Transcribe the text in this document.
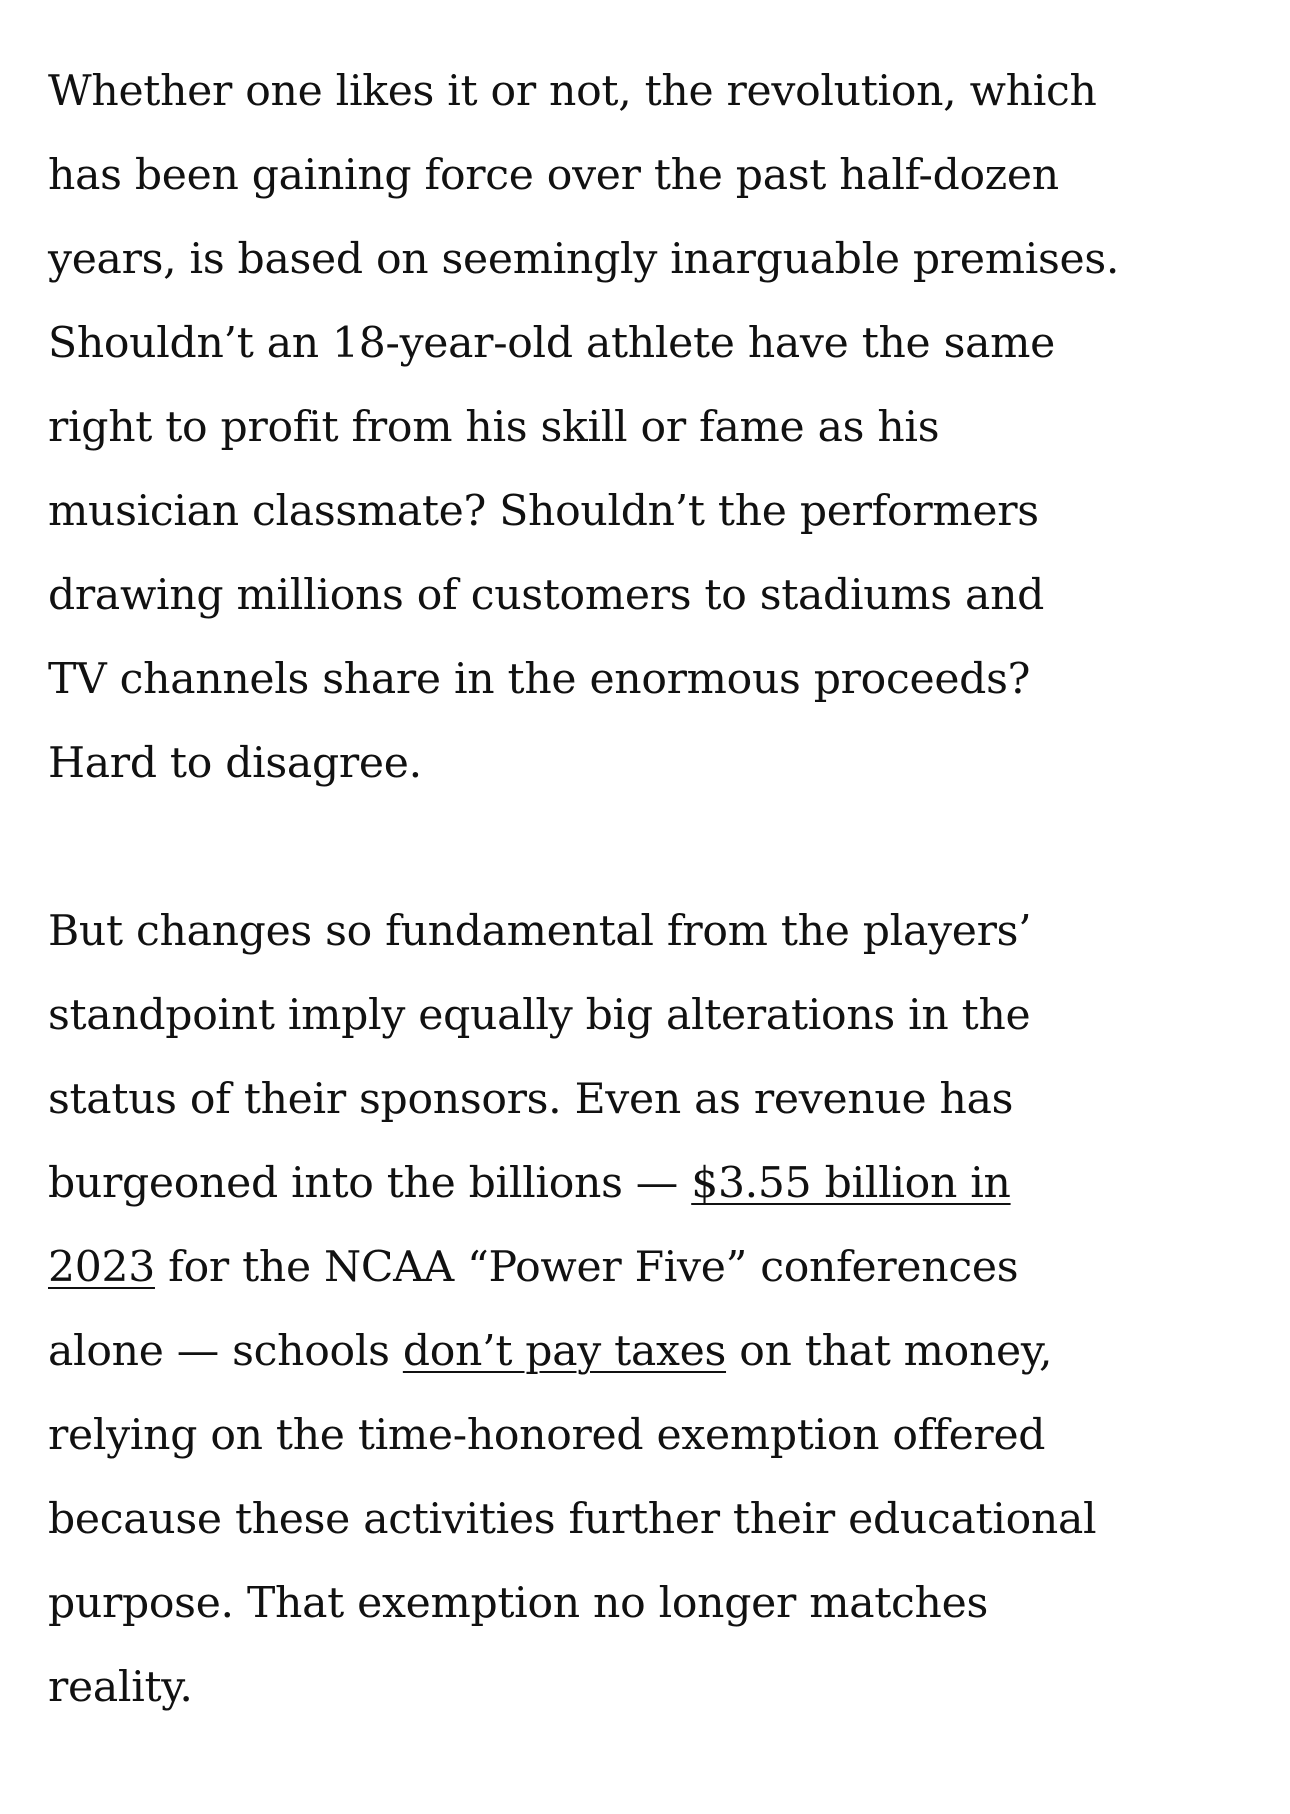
Whether one likes it or not, the revolution, which
has been gaining force over the past half-dozen
years, is based on seemingly inarguable premises.
Shouldn’t an 18-year-old athlete have the same
right to profit from his skill or fame as his
musician classmate? Shouldn’t the performers
drawing millions of customers to stadiums and
TV channels share in the enormous proceeds?
Hard to disagree.

But changes so fundamental from the players’
standpoint imply equally big alterations in the
status of their sponsors. Even as revenue has
burgeoned into the billions — $3.55 billion in
2023 for the NCAA “Power Five” conferences
alone — schools don’t pay taxes on that money,
relying on the time-honored exemption offered
because these activities further their educational
purpose. That exemption no longer matches
reality.
